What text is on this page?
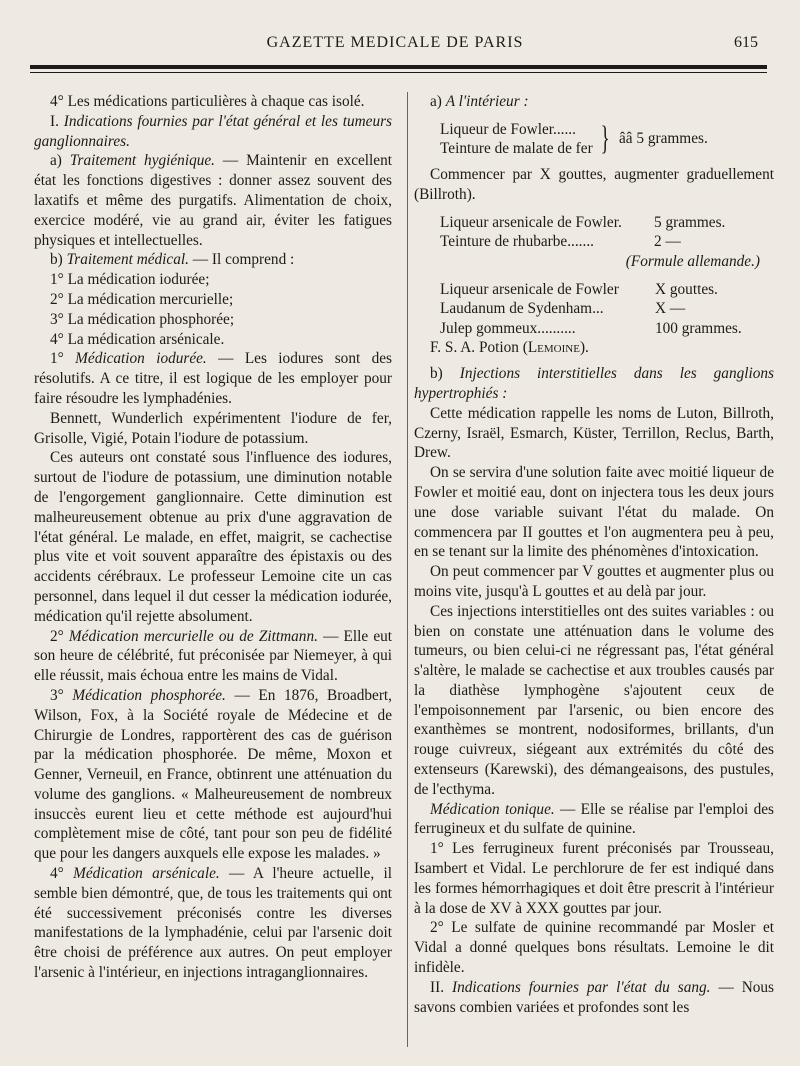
GAZETTE MEDICALE DE PARIS	615

4° Les médications particulières à chaque cas isolé.

I. Indications fournies par l'état général et les tumeurs ganglionnaires.

a) Traitement hygiénique. — Maintenir en excellent état les fonctions digestives : donner assez souvent des laxatifs et même des purgatifs. Alimentation de choix, exercice modéré, vie au grand air, éviter les fatigues physiques et intellectuelles.

b) Traitement médical. — Il comprend :

1° La médication iodurée;

2° La médication mercurielle;

3° La médication phosphorée;

4° La médication arsénicale.

1° Médication iodurée. — Les iodures sont des résolutifs. A ce titre, il est logique de les employer pour faire résoudre les lymphadénies.

Bennett, Wunderlich expérimentent l'iodure de fer, Grisolle, Vigié, Potain l'iodure de potassium.

Ces auteurs ont constaté sous l'influence des iodures, surtout de l'iodure de potassium, une diminution notable de l'engorgement ganglionnaire. Cette diminution est malheureusement obtenue au prix d'une aggravation de l'état général. Le malade, en effet, maigrit, se cachectise plus vite et voit souvent apparaître des épistaxis ou des accidents cérébraux. Le professeur Lemoine cite un cas personnel, dans lequel il dut cesser la médication iodurée, médication qu'il rejette absolument.

2° Médication mercurielle ou de Zittmann. — Elle eut son heure de célébrité, fut préconisée par Niemeyer, à qui elle réussit, mais échoua entre les mains de Vidal.

3° Médication phosphorée. — En 1876, Broadbert, Wilson, Fox, à la Société royale de Médecine et de Chirurgie de Londres, rapportèrent des cas de guérison par la médication phosphorée. De même, Moxon et Genner, Verneuil, en France, obtinrent une atténuation du volume des ganglions. « Malheureusement de nombreux insuccès eurent lieu et cette méthode est aujourd'hui complètement mise de côté, tant pour son peu de fidélité que pour les dangers auxquels elle expose les malades. »

4° Médication arsénicale. — A l'heure actuelle, il semble bien démontré, que, de tous les traitements qui ont été successivement préconisés contre les diverses manifestations de la lymphadénie, celui par l'arsenic doit être choisi de préférence aux autres. On peut employer l'arsenic à l'intérieur, en injections intraganglionnaires.

a) A l'intérieur :

Liqueur de Fowler......
Teinture de malate de fer } ââ 5 grammes.

Commencer par X gouttes, augmenter graduellement (Billroth).

Liqueur arsenicale de Fowler.	5 grammes.
Teinture de rhubarbe.......	2 —
(Formule allemande.)
Liqueur arsenicale de Fowler	X gouttes.
Laudanum de Sydenham...	X —
Julep gommeux..........	100 grammes.

F. S. A. Potion (Lemoine).

b) Injections interstitielles dans les ganglions hypertrophiés :

Cette médication rappelle les noms de Luton, Billroth, Czerny, Israël, Esmarch, Küster, Terrillon, Reclus, Barth, Drew.

On se servira d'une solution faite avec moitié liqueur de Fowler et moitié eau, dont on injectera tous les deux jours une dose variable suivant l'état du malade. On commencera par II gouttes et l'on augmentera peu à peu, en se tenant sur la limite des phénomènes d'intoxication.

On peut commencer par V gouttes et augmenter plus ou moins vite, jusqu'à L gouttes et au delà par jour.

Ces injections interstitielles ont des suites variables : ou bien on constate une atténuation dans le volume des tumeurs, ou bien celui-ci ne régressant pas, l'état général s'altère, le malade se cachectise et aux troubles causés par la diathèse lymphogène s'ajoutent ceux de l'empoisonnement par l'arsenic, ou bien encore des exanthèmes se montrent, nodosiformes, brillants, d'un rouge cuivreux, siégeant aux extrémités du côté des extenseurs (Karewski), des démangeaisons, des pustules, de l'ecthyma.

Médication tonique. — Elle se réalise par l'emploi des ferrugineux et du sulfate de quinine.

1° Les ferrugineux furent préconisés par Trousseau, Isambert et Vidal. Le perchlorure de fer est indiqué dans les formes hémorrhagiques et doit être prescrit à l'intérieur à la dose de XV à XXX gouttes par jour.

2° Le sulfate de quinine recommandé par Mosler et Vidal a donné quelques bons résultats. Lemoine le dit infidèle.

II. Indications fournies par l'état du sang. — Nous savons combien variées et profondes sont les
